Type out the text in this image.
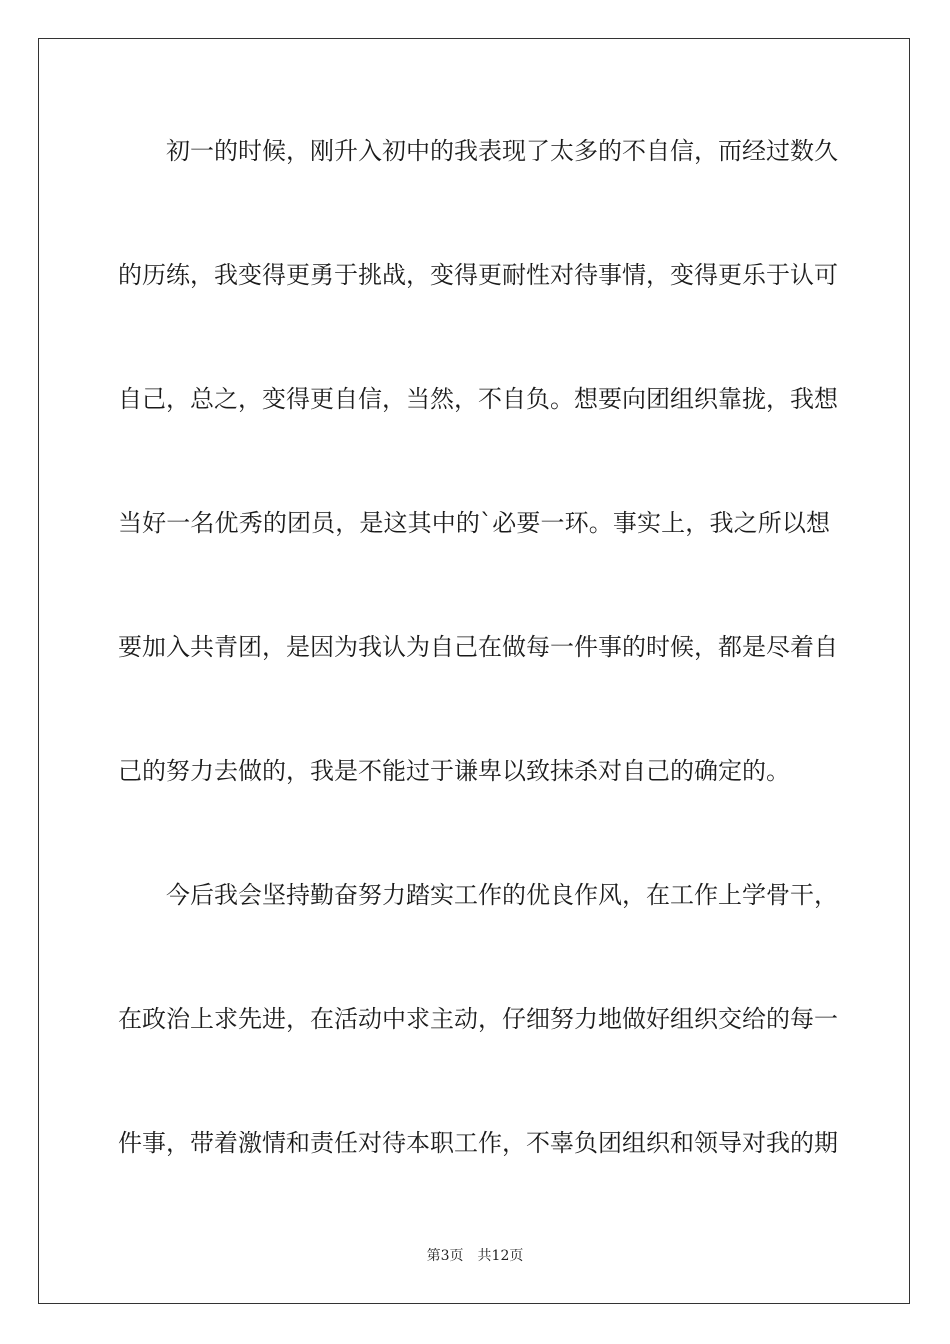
初一的时候，刚升入初中的我表现了太多的不自信，而经过数久
的历练，我变得更勇于挑战，变得更耐性对待事情，变得更乐于认可
自己，总之，变得更自信，当然，不自负。想要向团组织靠拢，我想
当好一名优秀的团员，是这其中的`必要一环。事实上，我之所以想
要加入共青团，是因为我认为自己在做每一件事的时候，都是尽着自
己的努力去做的，我是不能过于谦卑以致抹杀对自己的确定的。
今后我会坚持勤奋努力踏实工作的优良作风，在工作上学骨干，
在政治上求先进，在活动中求主动，仔细努力地做好组织交给的每一
件事，带着激情和责任对待本职工作，不辜负团组织和领导对我的期
第3页 共12页
